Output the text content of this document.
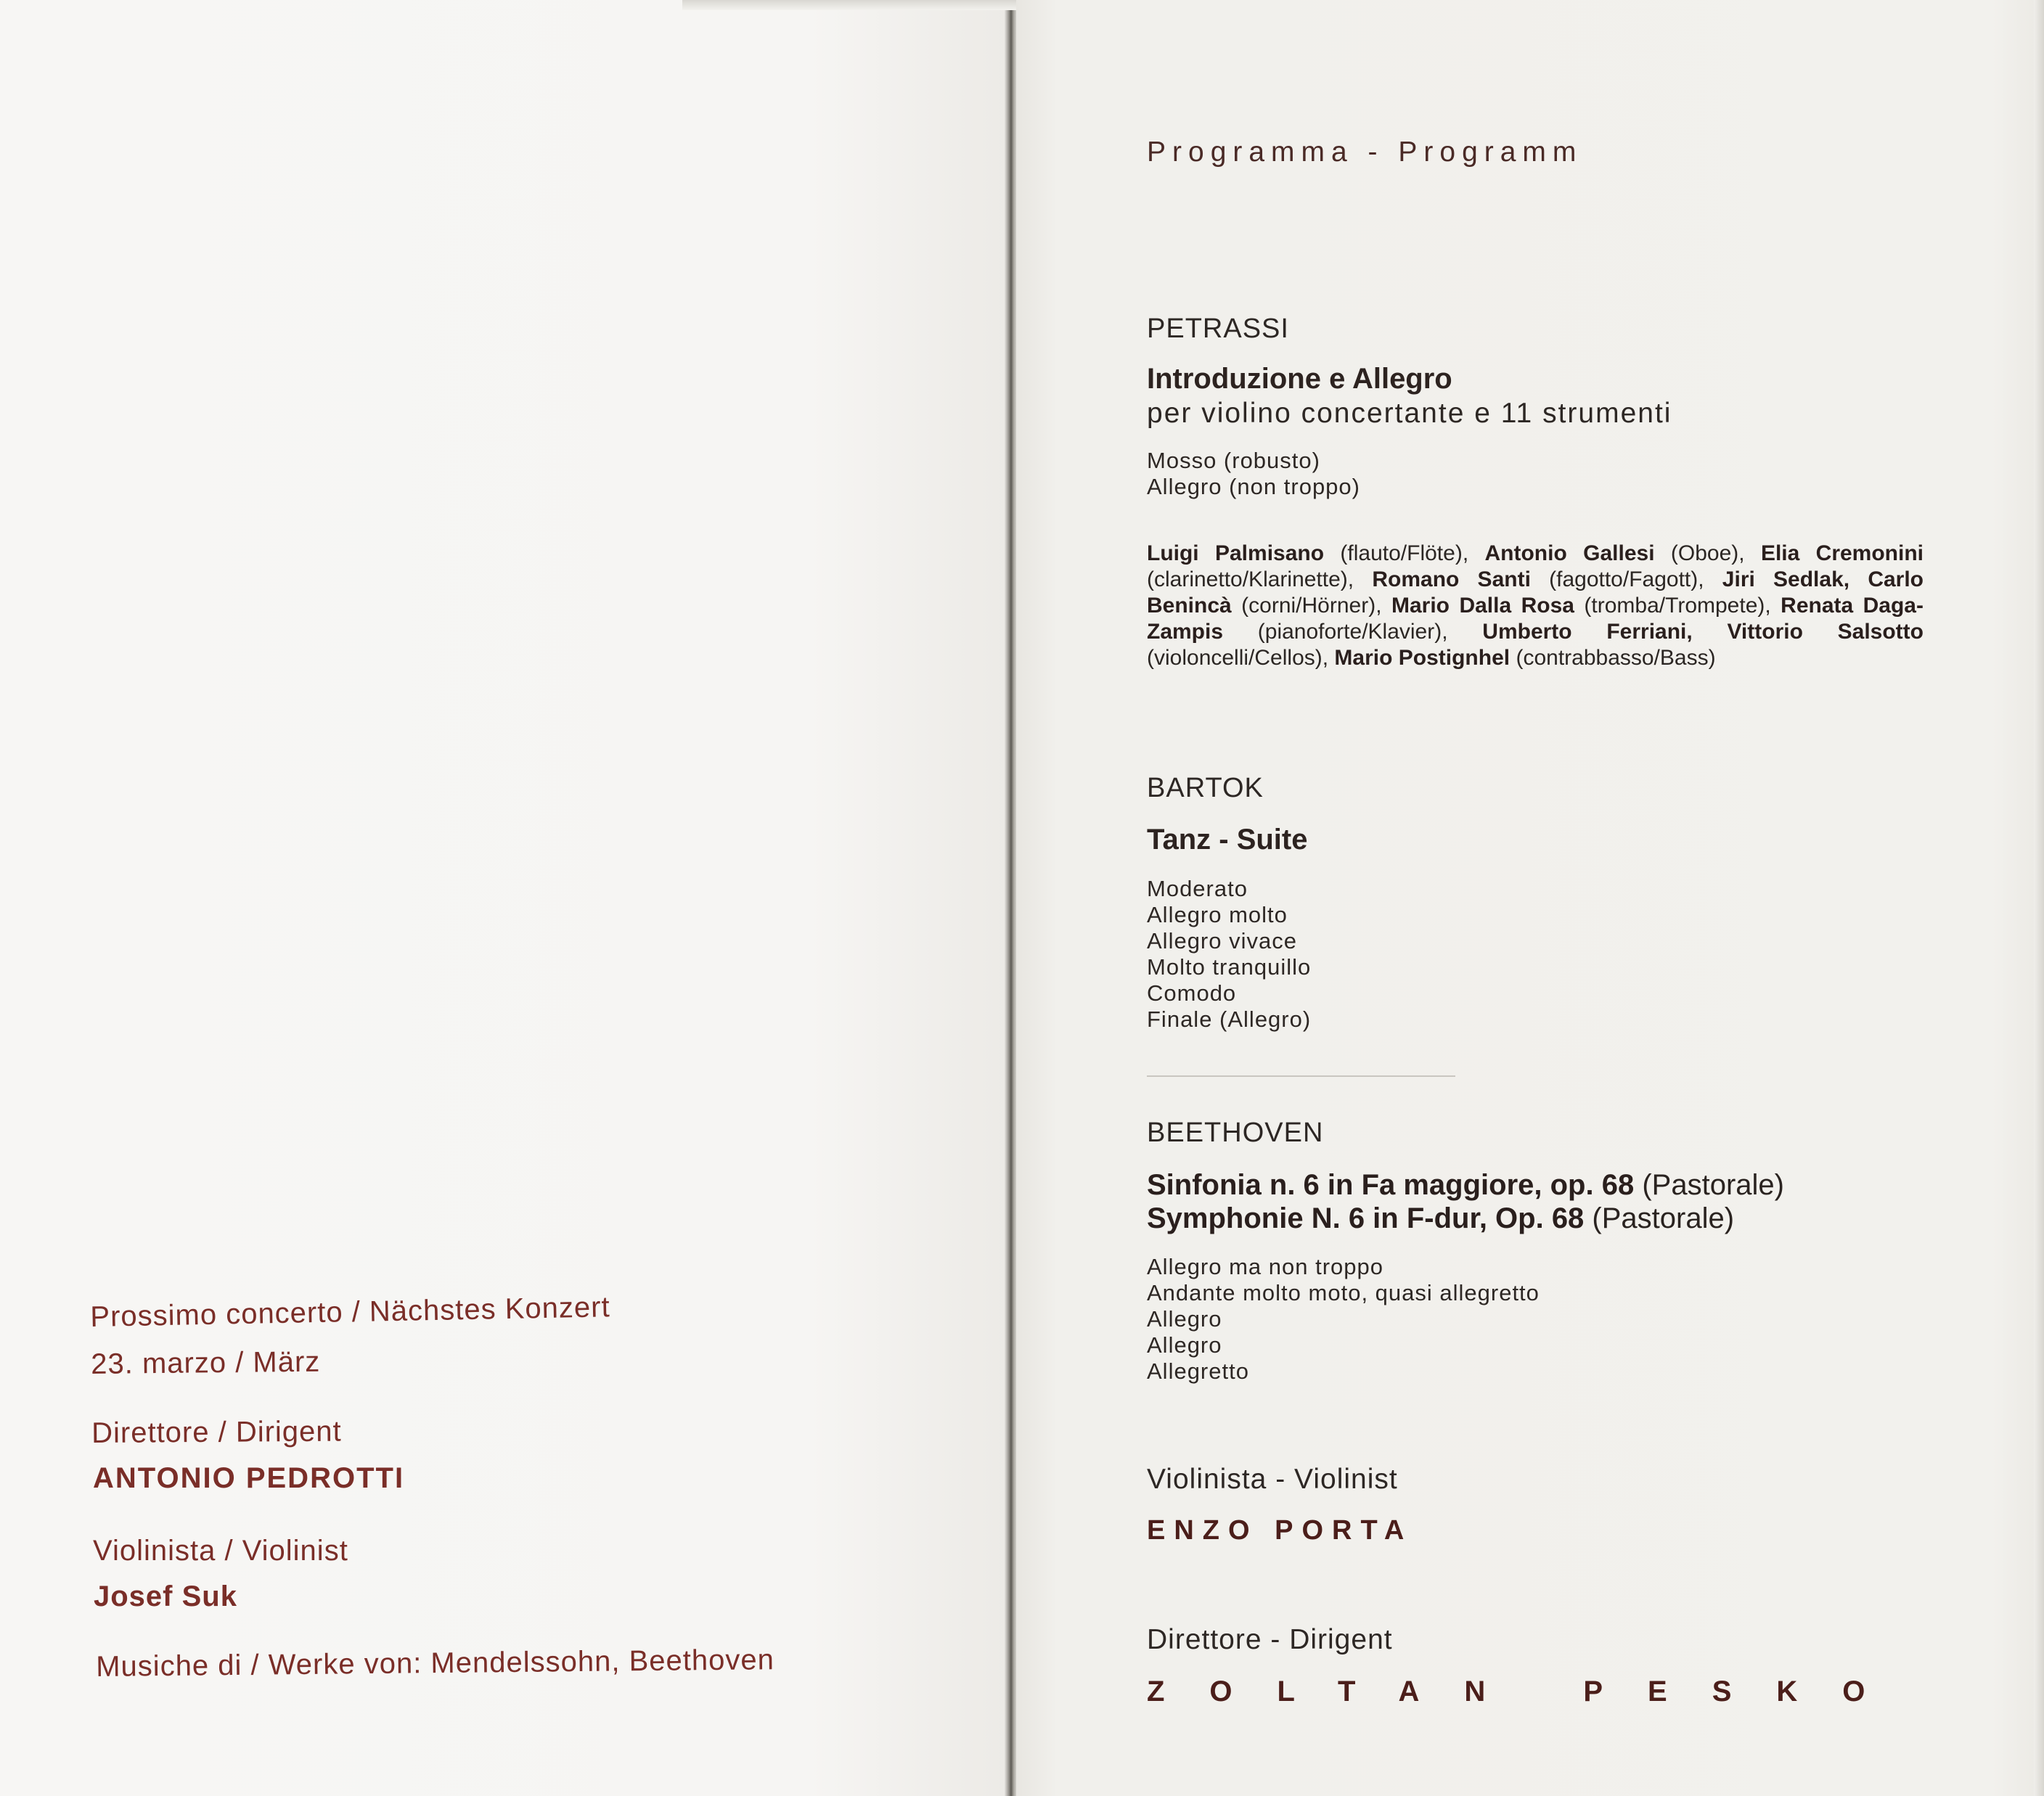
Prossimo concerto / Nächstes Konzert
23. marzo / März
Direttore / Dirigent
ANTONIO PEDROTTI
Violinista / Violinist
Josef Suk
Musiche di / Werke von: Mendelssohn, Beethoven
Programma - Programm
PETRASSI
Introduzione e Allegro
per violino concertante e 11 strumenti
Mosso (robusto)
Allegro (non troppo)
Luigi Palmisano (flauto/Flöte), Antonio Gallesi (Oboe), Elia Cremonini (clarinetto/Klarinette), Romano Santi (fagotto/Fagott), Jiri Sedlak, Carlo Benincà (corni/Hörner), Mario Dalla Rosa (tromba/Trompete), Renata Daga-Zampis (pianoforte/Klavier), Umberto Ferriani, Vittorio Salsotto (violoncelli/Cellos), Mario Postignhel (contrabbasso/Bass)
BARTOK
Tanz - Suite
Moderato
Allegro molto
Allegro vivace
Molto tranquillo
Comodo
Finale (Allegro)
BEETHOVEN
Sinfonia n. 6 in Fa maggiore, op. 68 (Pastorale)
Symphonie N. 6 in F-dur, Op. 68 (Pastorale)
Allegro ma non troppo
Andante molto moto, quasi allegretto
Allegro
Allegro
Allegretto
Violinista - Violinist
ENZO PORTA
Direttore - Dirigent
ZOLTAN PESKO
